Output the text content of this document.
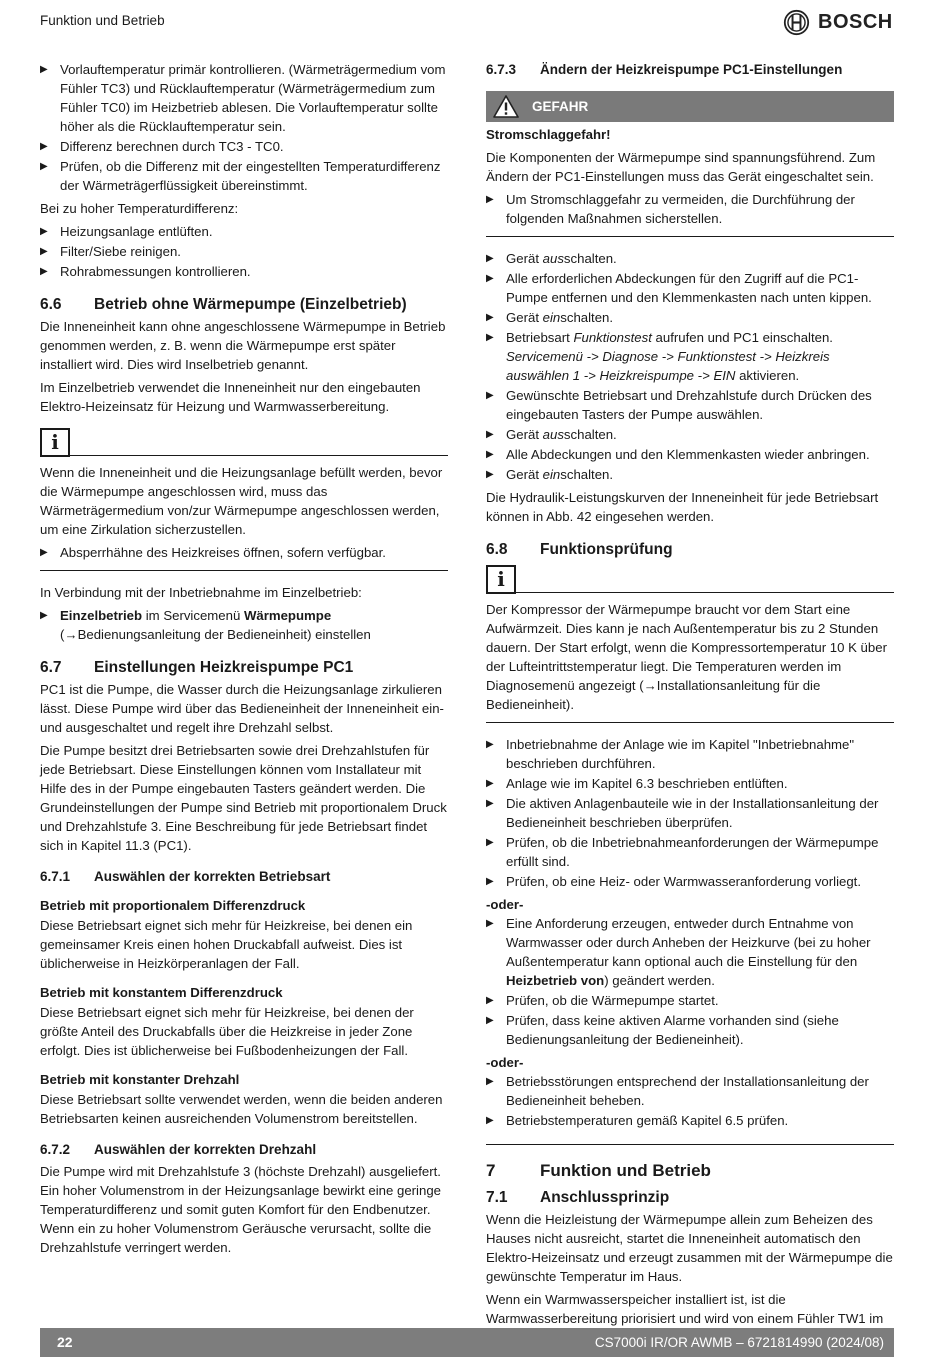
Funktion und Betrieb	BOSCH
▶ Vorlauftemperatur primär kontrollieren. (Wärmeträgermedium vom Fühler TC3) und Rücklauftemperatur (Wärmeträgermedium zum Fühler TC0) im Heizbetrieb ablesen. Die Vorlauftemperatur sollte höher als die Rücklauftemperatur sein.
▶ Differenz berechnen durch TC3 - TC0.
▶ Prüfen, ob die Differenz mit der eingestellten Temperaturdifferenz der Wärmeträgerflüssigkeit übereinstimmt.

Bei zu hoher Temperaturdifferenz:

▶ Heizungsanlage entlüften.
▶ Filter/Siebe reinigen.
▶ Rohrabmessungen kontrollieren.
6.6	Betrieb ohne Wärmepumpe (Einzelbetrieb)

Die Inneneinheit kann ohne angeschlossene Wärmepumpe in Betrieb genommen werden, z. B. wenn die Wärmepumpe erst später installiert wird. Dies wird Inselbetrieb genannt.

Im Einzelbetrieb verwendet die Inneneinheit nur den eingebauten Elektro-Heizeinsatz für Heizung und Warmwasserbereitung.

i

Wenn die Inneneinheit und die Heizungsanlage befüllt werden, bevor die Wärmepumpe angeschlossen wird, muss das Wärmeträgermedium von/zur Wärmepumpe angeschlossen werden, um eine Zirkulation sicherzustellen.

▶ Absperrhähne des Heizkreises öffnen, sofern verfügbar.

In Verbindung mit der Inbetriebnahme im Einzelbetrieb:

▶ Einzelbetrieb im Servicemenü Wärmepumpe (→Bedienungsanleitung der Bedieneinheit) einstellen
6.7	Einstellungen Heizkreispumpe PC1

PC1 ist die Pumpe, die Wasser durch die Heizungsanlage zirkulieren lässt. Diese Pumpe wird über das Bedieneinheit der Inneneinheit ein- und ausgeschaltet und regelt ihre Drehzahl selbst.

Die Pumpe besitzt drei Betriebsarten sowie drei Drehzahlstufen für jede Betriebsart. Diese Einstellungen können vom Installateur mit Hilfe des in der Pumpe eingebauten Tasters geändert werden. Die Grundeinstellungen der Pumpe sind Betrieb mit proportionalem Druck und Drehzahlstufe 3. Eine Beschreibung für jede Betriebsart findet sich in Kapitel 11.3 (PC1).

6.7.1	Auswählen der korrekten Betriebsart
Betrieb mit proportionalem Differenzdruck

Diese Betriebsart eignet sich mehr für Heizkreise, bei denen ein gemeinsamer Kreis einen hohen Druckabfall aufweist. Dies ist üblicherweise in Heizkörperanlagen der Fall.

Betrieb mit konstantem Differenzdruck

Diese Betriebsart eignet sich mehr für Heizkreise, bei denen der größte Anteil des Druckabfalls über die Heizkreise in jeder Zone erfolgt. Dies ist üblicherweise bei Fußbodenheizungen der Fall.

Betrieb mit konstanter Drehzahl

Diese Betriebsart sollte verwendet werden, wenn die beiden anderen Betriebsarten keinen ausreichenden Volumenstrom bereitstellen.

6.7.2	Auswählen der korrekten Drehzahl

Die Pumpe wird mit Drehzahlstufe 3 (höchste Drehzahl) ausgeliefert. Ein hoher Volumenstrom in der Heizungsanlage bewirkt eine geringe Temperaturdifferenz und somit guten Komfort für den Endbenutzer. Wenn ein zu hoher Volumenstrom Geräusche verursacht, sollte die Drehzahlstufe verringert werden.

6.7.3	Ändern der Heizkreispumpe PC1-Einstellungen
GEFAHR
Stromschlaggefahr!

Die Komponenten der Wärmepumpe sind spannungsführend. Zum Ändern der PC1-Einstellungen muss das Gerät eingeschaltet sein.

▶ Um Stromschlaggefahr zu vermeiden, die Durchführung der folgenden Maßnahmen sicherstellen.
▶ Gerät ausschalten.
▶ Alle erforderlichen Abdeckungen für den Zugriff auf die PC1-Pumpe entfernen und den Klemmenkasten nach unten kippen.
▶ Gerät einschalten.
▶ Betriebsart Funktionstest aufrufen und PC1 einschalten. Servicemenü -> Diagnose -> Funktionstest -> Heizkreis auswählen 1 -> Heizkreispumpe -> EIN aktivieren.
▶ Gewünschte Betriebsart und Drehzahlstufe durch Drücken des eingebauten Tasters der Pumpe auswählen.
▶ Gerät ausschalten.
▶ Alle Abdeckungen und den Klemmenkasten wieder anbringen.
▶ Gerät einschalten.

Die Hydraulik-Leistungskurven der Inneneinheit für jede Betriebsart können in Abb. 42 eingesehen werden.

6.8	Funktionsprüfung
i

Der Kompressor der Wärmepumpe braucht vor dem Start eine Aufwärmzeit. Dies kann je nach Außentemperatur bis zu 2 Stunden dauern. Der Start erfolgt, wenn die Kompressortemperatur 10 K über der Lufteintrittstemperatur liegt. Die Temperaturen werden im Diagnosemenü angezeigt (→Installationsanleitung für die Bedieneinheit).

▶ Inbetriebnahme der Anlage wie im Kapitel "Inbetriebnahme" beschrieben durchführen.
▶ Anlage wie im Kapitel 6.3 beschrieben entlüften.
▶ Die aktiven Anlagenbauteile wie in der Installationsanleitung der Bedieneinheit beschrieben überprüfen.
▶ Prüfen, ob die Inbetriebnahmeanforderungen der Wärmepumpe erfüllt sind.
▶ Prüfen, ob eine Heiz- oder Warmwasseranforderung vorliegt.

-oder-

▶ Eine Anforderung erzeugen, entweder durch Entnahme von Warmwasser oder durch Anheben der Heizkurve (bei zu hoher Außentemperatur kann optional auch die Einstellung für den Heizbetrieb von) geändert werden.
▶ Prüfen, ob die Wärmepumpe startet.
▶ Prüfen, dass keine aktiven Alarme vorhanden sind (siehe Bedienungsanleitung der Bedieneinheit).

-oder-

▶ Betriebsstörungen entsprechend der Installationsanleitung der Bedieneinheit beheben.
▶ Betriebstemperaturen gemäß Kapitel 6.5 prüfen.
7	Funktion und Betrieb
7.1	Anschlussprinzip

Wenn die Heizleistung der Wärmepumpe allein zum Beheizen des Hauses nicht ausreicht, startet die Inneneinheit automatisch den Elektro-Heizeinsatz und erzeugt zusammen mit der Wärmepumpe die gewünschte Temperatur im Haus.

Wenn ein Warmwasserspeicher installiert ist, ist die Warmwasserbereitung priorisiert und wird von einem Fühler TW1 im

22	CS7000i IR/OR AWMB – 6721814990 (2024/08)
